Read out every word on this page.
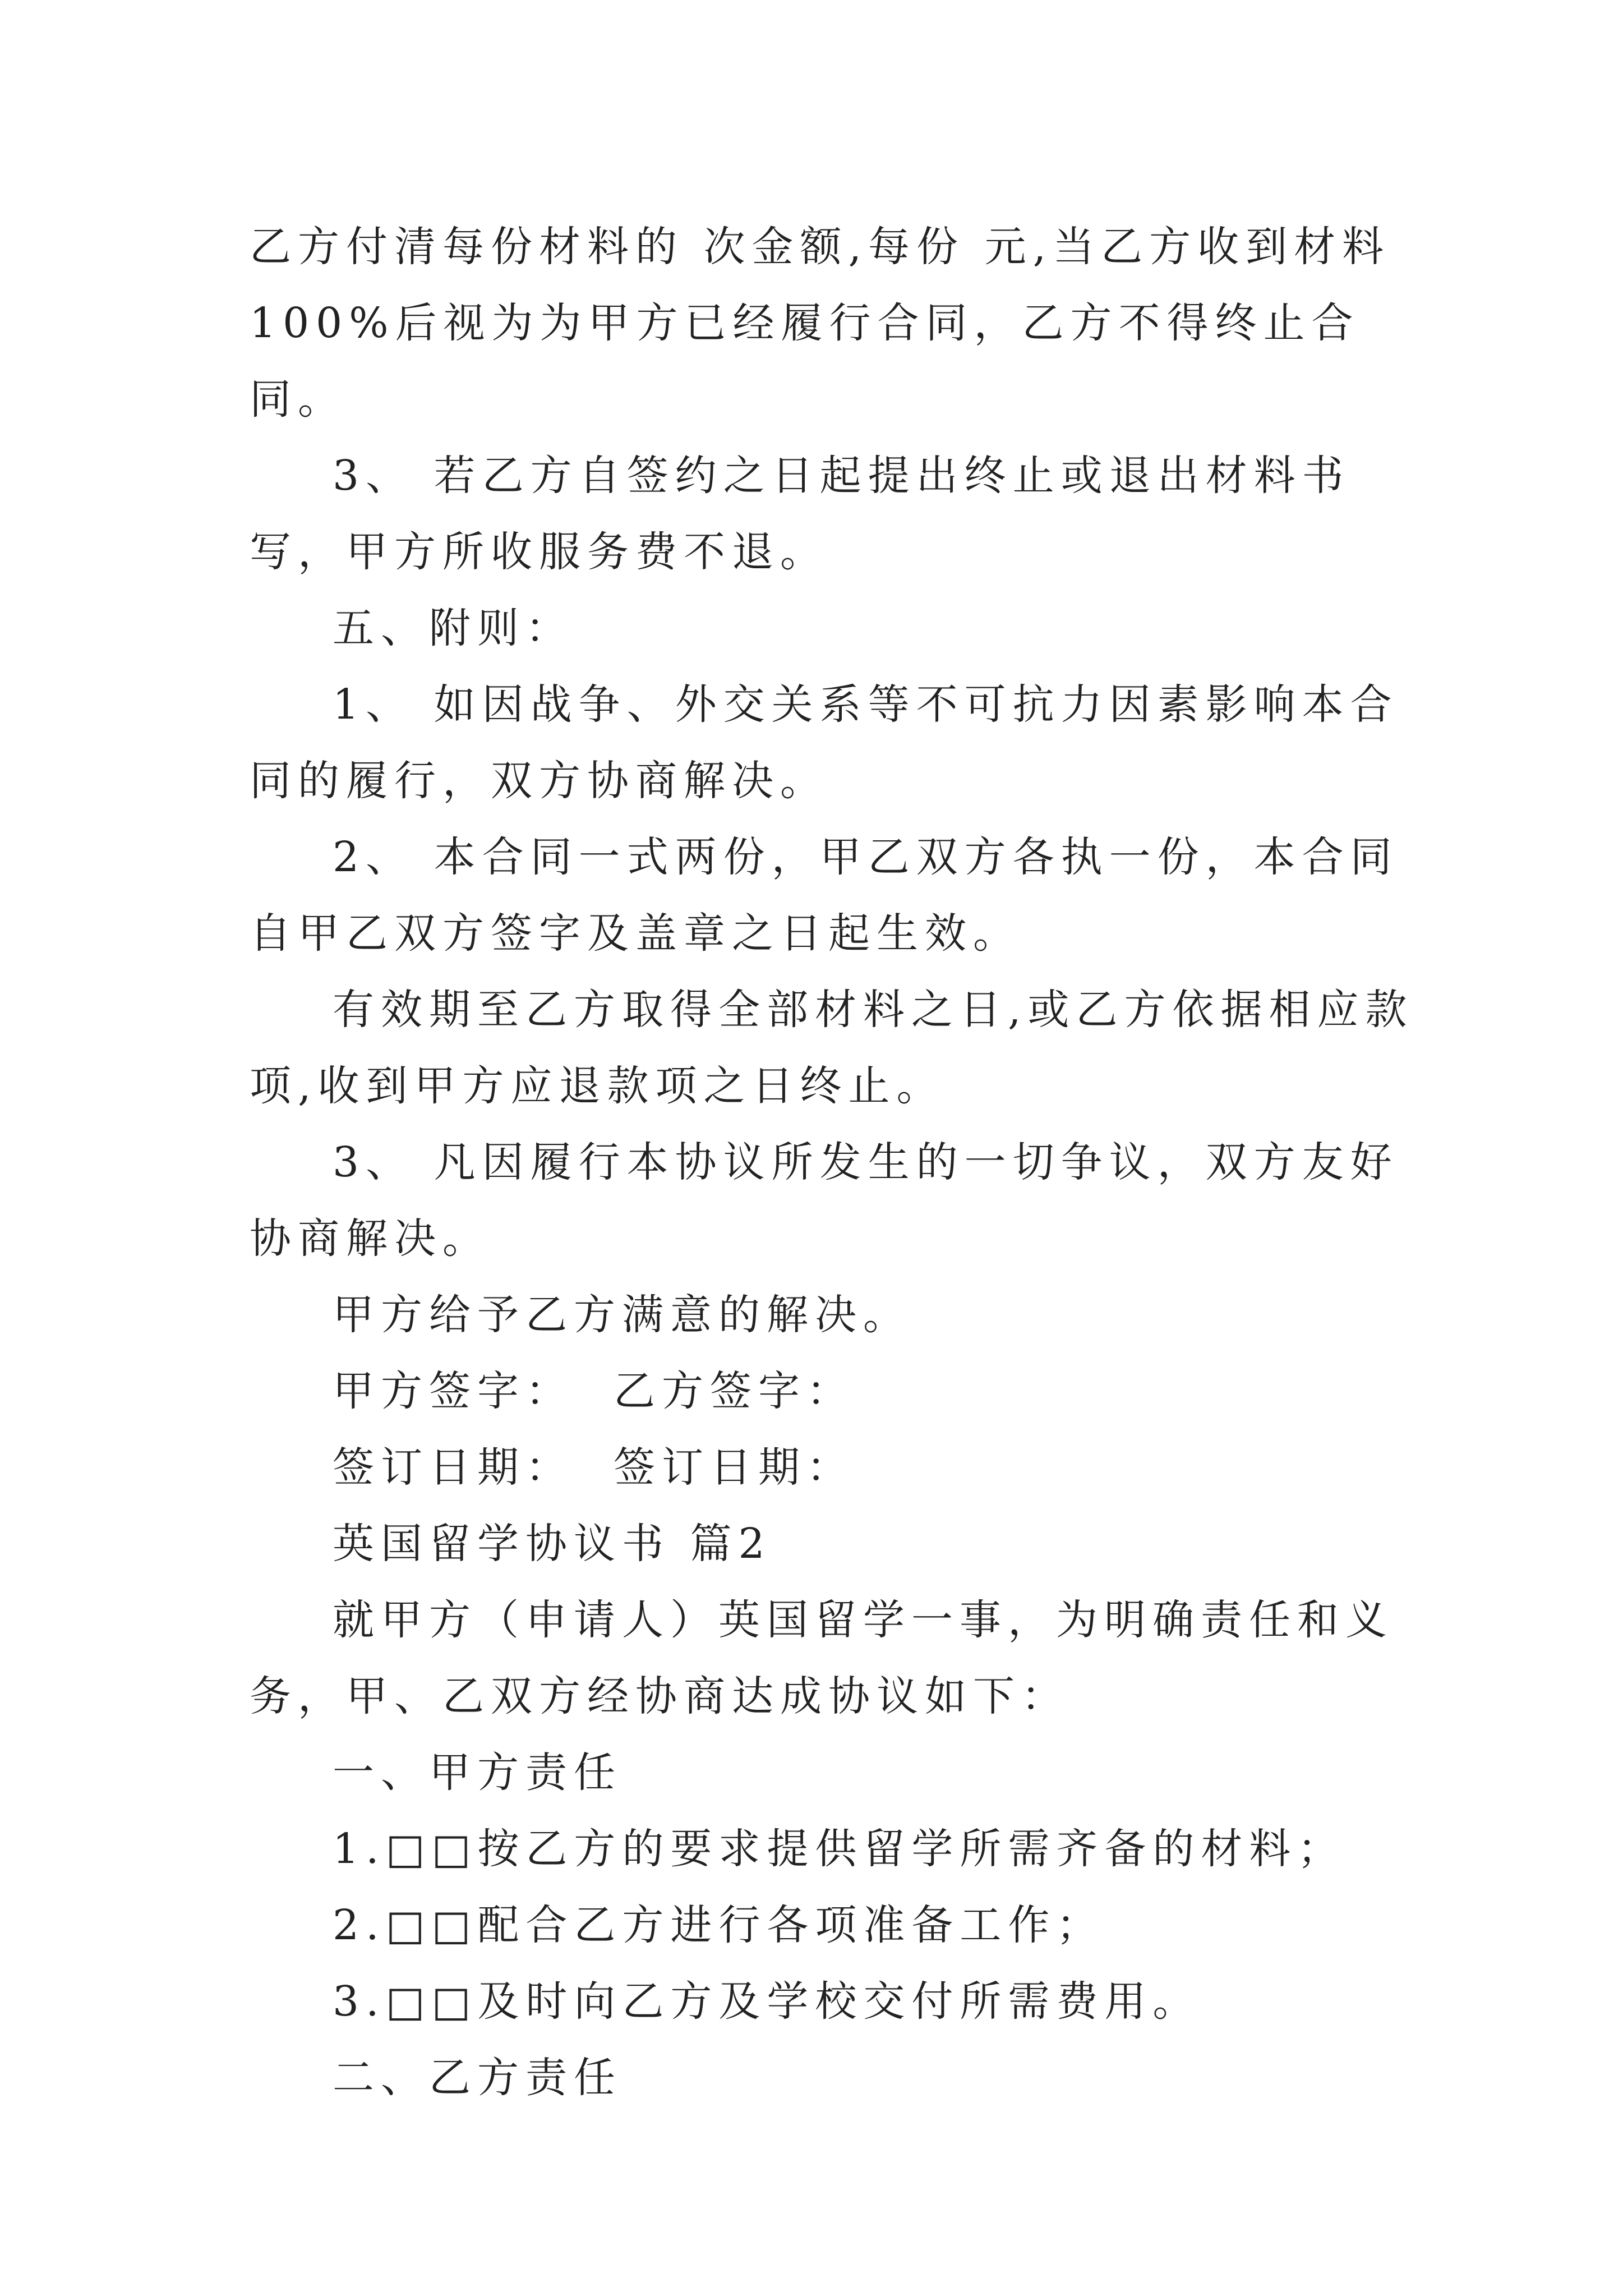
乙方付清每份材料的 次金额,每份 元,当乙方收到材料100%后视为为甲方已经履行合同，乙方不得终止合同。

3、 若乙方自签约之日起提出终止或退出材料书写，甲方所收服务费不退。

五、附则：

1、 如因战争、外交关系等不可抗力因素影响本合同的履行，双方协商解决。

2、 本合同一式两份，甲乙双方各执一份，本合同自甲乙双方签字及盖章之日起生效。

有效期至乙方取得全部材料之日,或乙方依据相应款项,收到甲方应退款项之日终止。

3、 凡因履行本协议所发生的一切争议，双方友好协商解决。

甲方给予乙方满意的解决。

甲方签字：  乙方签字：

签订日期：  签订日期：

英国留学协议书 篇2

就甲方（申请人）英国留学一事，为明确责任和义务，甲、乙双方经协商达成协议如下：

一、甲方责任

1.□□按乙方的要求提供留学所需齐备的材料；

2.□□配合乙方进行各项准备工作；

3.□□及时向乙方及学校交付所需费用。

二、乙方责任
